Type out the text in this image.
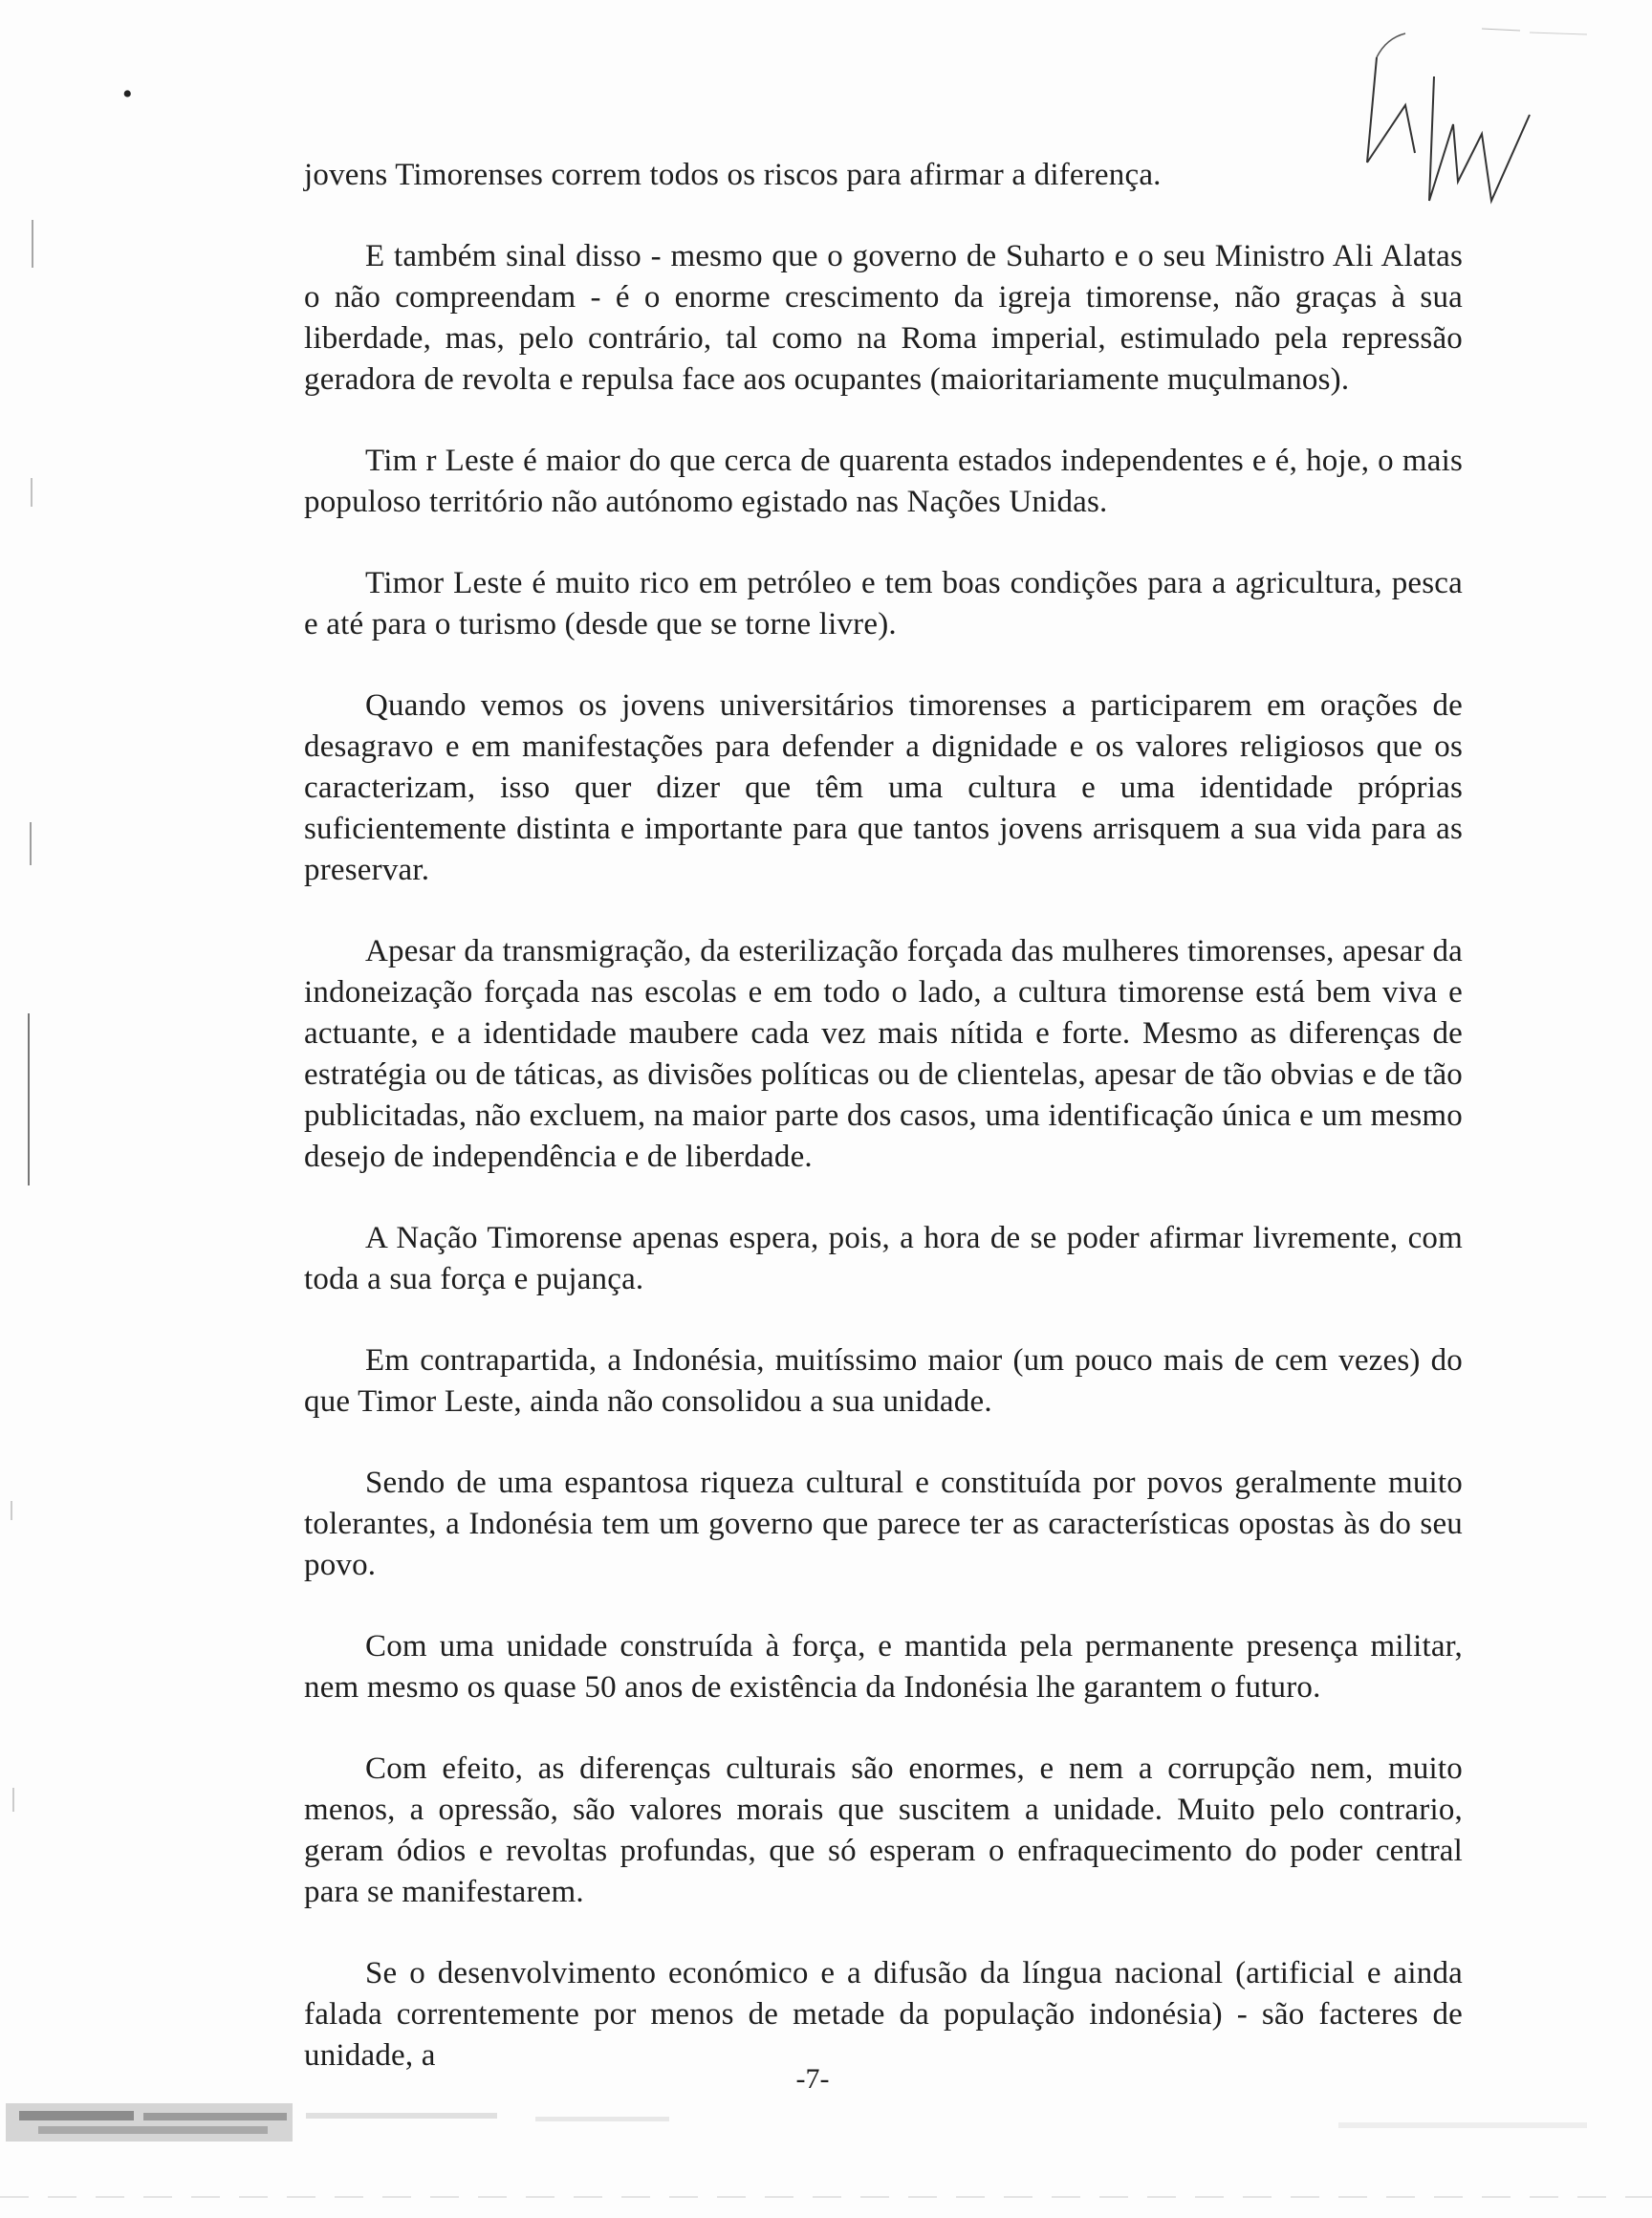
•

jovens Timorenses correm todos os riscos para afirmar a diferença.

E também sinal disso - mesmo que o governo de Suharto e o seu Ministro Ali Alatas o não compreendam - é o enorme crescimento da igreja timorense, não graças à sua liberdade, mas, pelo contrário, tal como na Roma imperial, estimulado pela repressão geradora de revolta e repulsa face aos ocupantes (maioritariamente muçulmanos).

Tim r Leste é maior do que cerca de quarenta estados independentes e é, hoje, o mais populoso território não autónomo egistado nas Nações Unidas.

Timor Leste é muito rico em petróleo e tem boas condições para a agricultura, pesca e até para o turismo (desde que se torne livre).

Quando vemos os jovens universitários timorenses a participarem em orações de desagravo e em manifestações para defender a dignidade e os valores religiosos que os caracterizam, isso quer dizer que têm uma cultura e uma identidade próprias suficientemente distinta e importante para que tantos jovens arrisquem a sua vida para as preservar.

Apesar da transmigração, da esterilização forçada das mulheres timorenses, apesar da indoneização forçada nas escolas e em todo o lado, a cultura timorense está bem viva e actuante, e a identidade maubere cada vez mais nítida e forte. Mesmo as diferenças de estratégia ou de táticas, as divisões políticas ou de clientelas, apesar de tão obvias e de tão publicitadas, não excluem, na maior parte dos casos, uma identificação única e um mesmo desejo de independência e de liberdade.

A Nação Timorense apenas espera, pois, a hora de se poder afirmar livremente, com toda a sua força e pujança.

Em contrapartida, a Indonésia, muitíssimo maior (um pouco mais de cem vezes) do que Timor Leste, ainda não consolidou a sua unidade.

Sendo de uma espantosa riqueza cultural e constituída por povos geralmente muito tolerantes, a Indonésia tem um governo que parece ter as características opostas às do seu povo.

Com uma unidade construída à força, e mantida pela permanente presença militar, nem mesmo os quase 50 anos de existência da Indonésia lhe garantem o futuro.

Com efeito, as diferenças culturais são enormes, e nem a corrupção nem, muito menos, a opressão, são valores morais que suscitem a unidade. Muito pelo contrario, geram ódios e revoltas profundas, que só esperam o enfraquecimento do poder central para se manifestarem.

Se o desenvolvimento económico e a difusão da língua nacional (artificial e ainda falada correntemente por menos de metade da população indonésia) - são facteres de unidade, a

-7-
